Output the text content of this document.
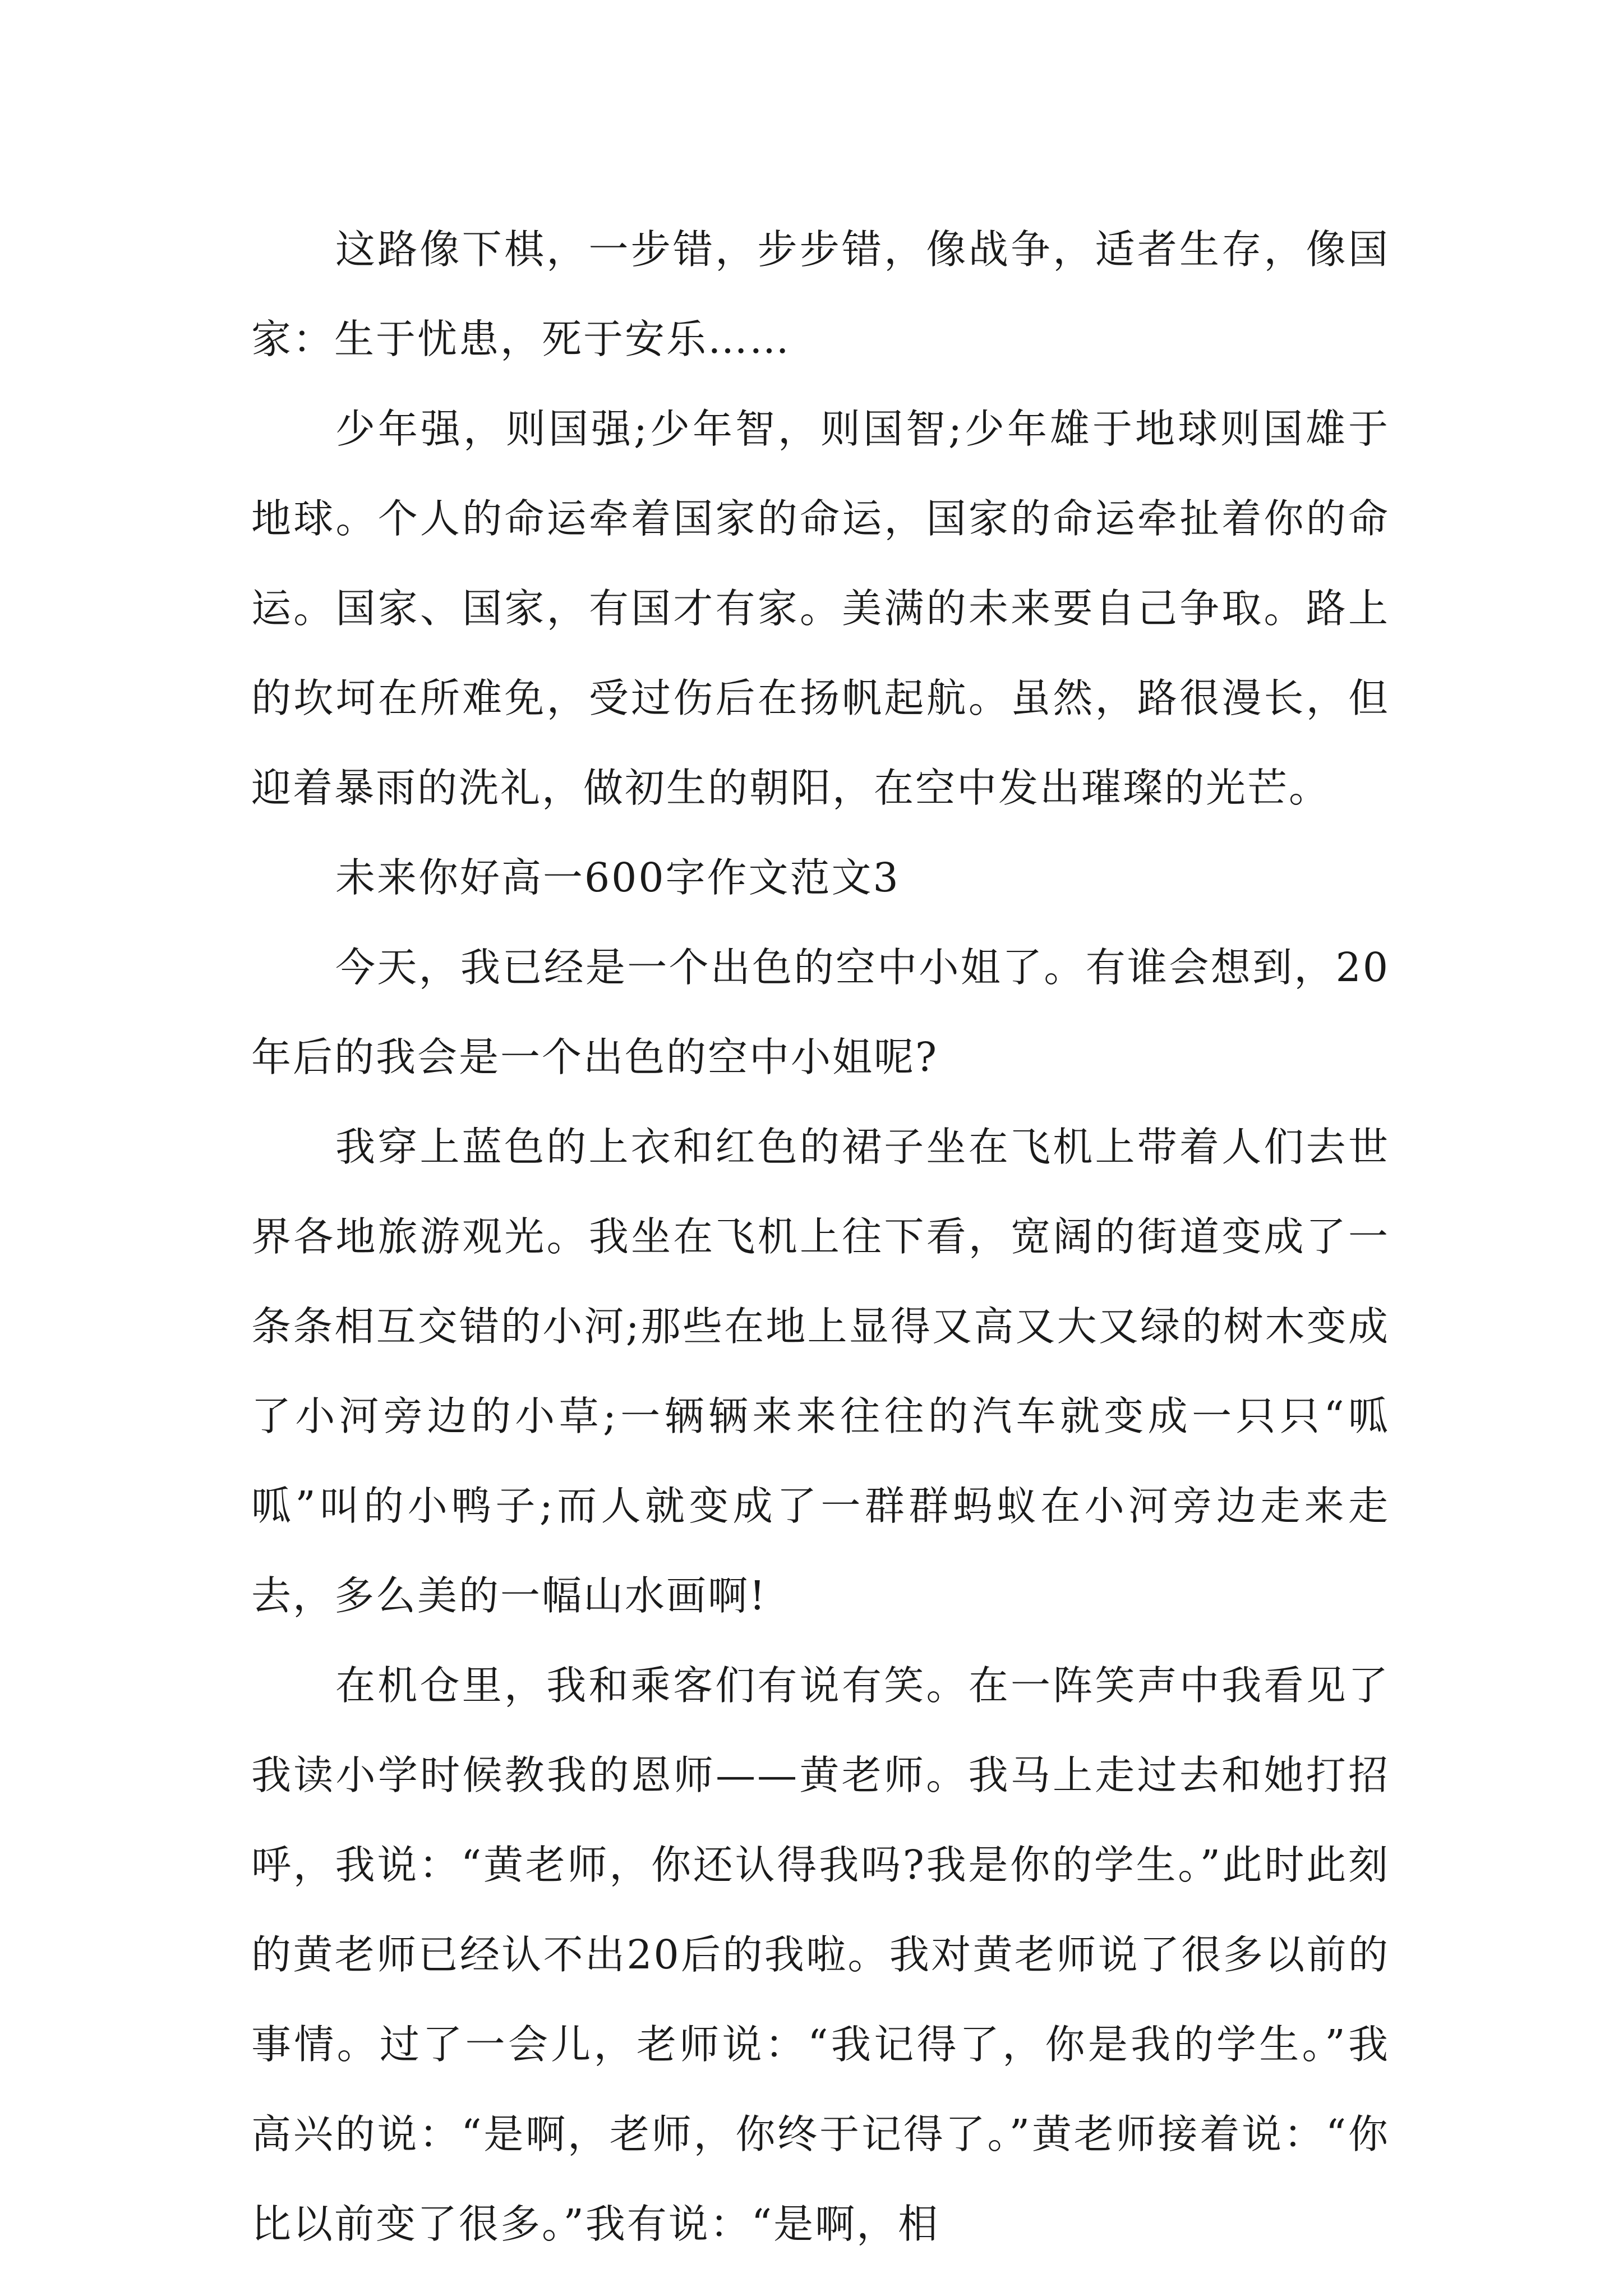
这路像下棋，一步错，步步错，像战争，适者生存，像国家：生于忧患，死于安乐……

少年强，则国强;少年智，则国智;少年雄于地球则国雄于地球。个人的命运牵着国家的命运，国家的命运牵扯着你的命运。国家、国家，有国才有家。美满的未来要自己争取。路上的坎坷在所难免，受过伤后在扬帆起航。虽然，路很漫长，但迎着暴雨的洗礼，做初生的朝阳，在空中发出璀璨的光芒。

未来你好高一600字作文范文3

今天，我已经是一个出色的空中小姐了。有谁会想到，20年后的我会是一个出色的空中小姐呢?

我穿上蓝色的上衣和红色的裙子坐在飞机上带着人们去世界各地旅游观光。我坐在飞机上往下看，宽阔的街道变成了一条条相互交错的小河;那些在地上显得又高又大又绿的树木变成了小河旁边的小草;一辆辆来来往往的汽车就变成一只只“呱呱”叫的小鸭子;而人就变成了一群群蚂蚁在小河旁边走来走去，多么美的一幅山水画啊!

在机仓里，我和乘客们有说有笑。在一阵笑声中我看见了我读小学时候教我的恩师——黄老师。我马上走过去和她打招呼，我说：“黄老师，你还认得我吗?我是你的学生。”此时此刻的黄老师已经认不出20后的我啦。我对黄老师说了很多以前的事情。过了一会儿，老师说：“我记得了，你是我的学生。”我高兴的说：“是啊，老师，你终于记得了。”黄老师接着说：“你比以前变了很多。”我有说：“是啊，相
